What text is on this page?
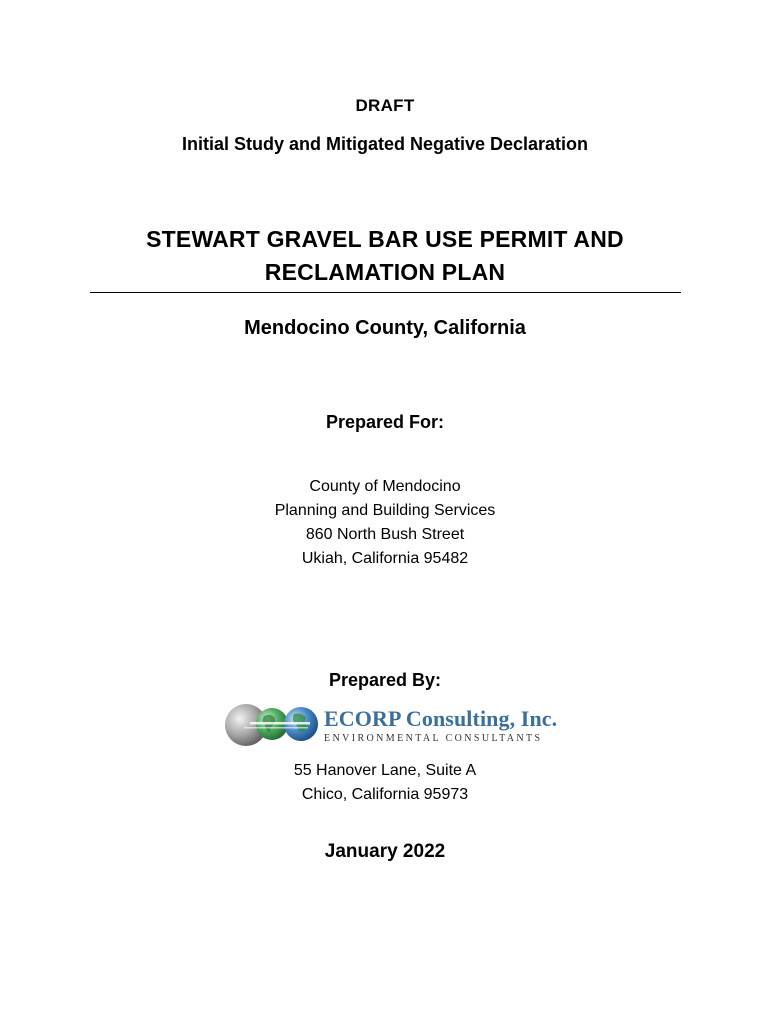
DRAFT
Initial Study and Mitigated Negative Declaration
STEWART GRAVEL BAR USE PERMIT AND
RECLAMATION PLAN
Mendocino County, California
Prepared For:
County of Mendocino
Planning and Building Services
860 North Bush Street
Ukiah, California 95482
Prepared By:
ECORP Consulting, Inc.
ENVIRONMENTAL CONSULTANTS
55 Hanover Lane, Suite A
Chico, California 95973
January 2022
